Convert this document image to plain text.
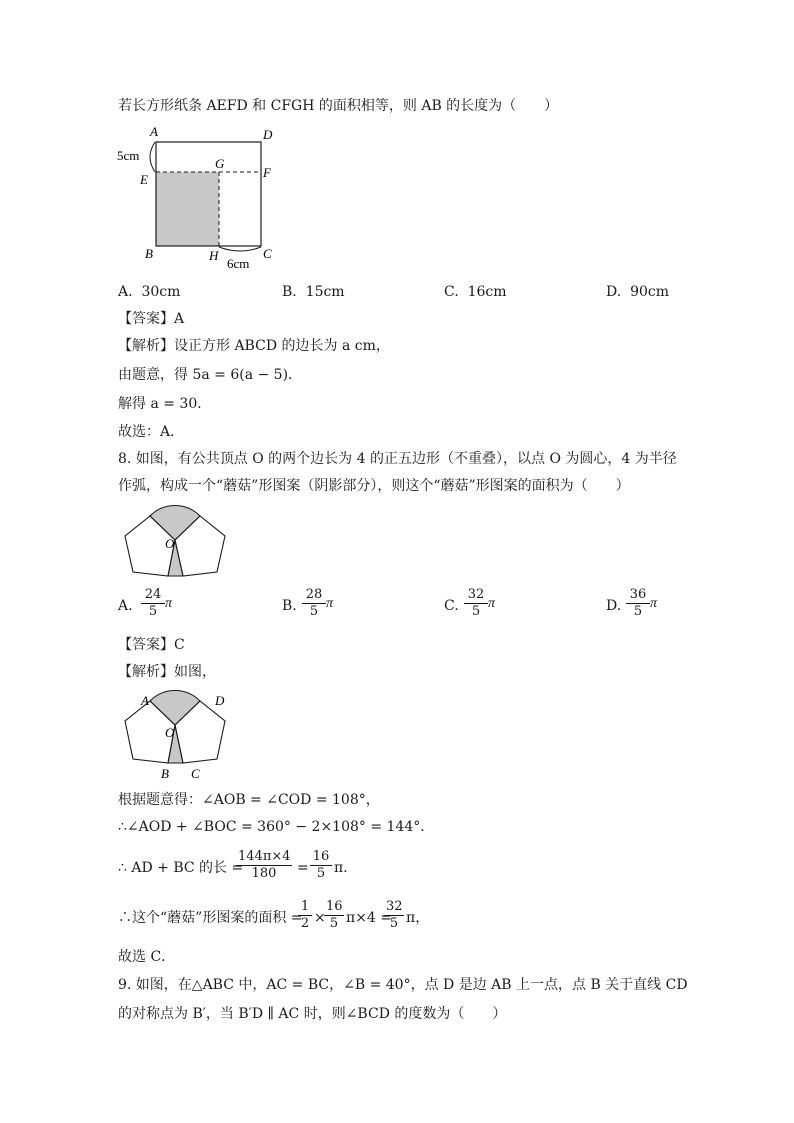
若长方形纸条 AEFD 和 CFGH 的面积相等，则 AB 的长度为（　　）
A	D
G
E	F
B	H	C
5cm
6cm
A. 30cm	B. 15cm	C. 16cm	D. 90cm
【答案】A
【解析】设正方形 ABCD 的边长为 a cm，
由题意，得 5a = 6(a − 5)．
解得 a = 30．
故选：A．
8. 如图，有公共顶点 O 的两个边长为 4 的正五边形（不重叠），以点 O 为圆心，4 为半径
作弧，构成一个“蘑菇”形图案（阴影部分），则这个“蘑菇”形图案的面积为（　　）
O
A. $\frac{24}{5}$ π	B. $\frac{28}{5}$ π	C. $\frac{32}{5}$ π	D. $\frac{36}{5}$ π
【答案】C
【解析】如图，
A	D
O
B C
根据题意得：∠AOB = ∠COD = 108°，
∴∠AOD + ∠BOC = 360° − 2×108° = 144°．
∴ AD + BC 的长 =
$\frac{144\pi\times 4}{180} = \frac{16}{5}$ π．
∴这个“蘑菇”形图案的面积 =
$\frac{1}{2}$ ×
$\frac{16}{5} \pi\times 4$ =
$\frac{32}{5}$ π，
故选 C．
9. 如图，在△ABC 中，AC = BC，∠B = 40°，点 D 是边 AB 上一点，点 B 关于直线 CD
的对称点为 B′，当 B′D ∥ AC 时，则∠BCD 的度数为（　　）
